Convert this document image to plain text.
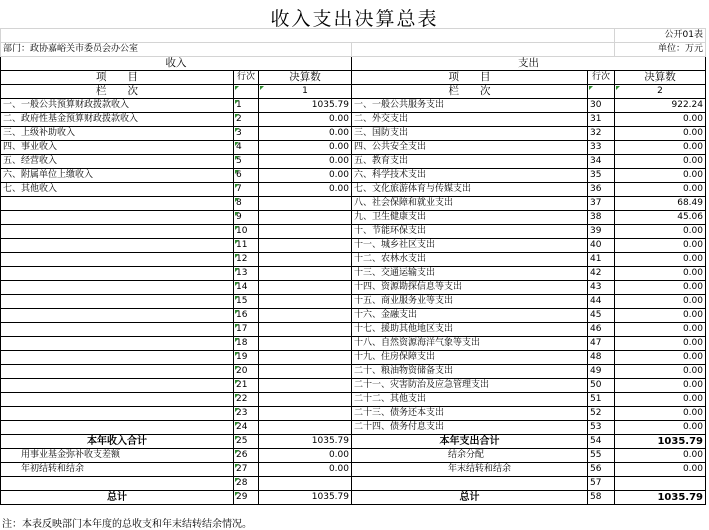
收入支出决算总表
					公开01表
部门：政协嘉峪关市委员会办公室					单位：万元
收入			支出		
项　　目	行次	决算数	项　　目	行次	决算数
栏　　次		1	栏　　次		2
一、一般公共预算财政拨款收入	1	1035.79	一、一般公共服务支出	30	922.24
二、政府性基金预算财政拨款收入	2	0.00	二、外交支出	31	0.00
三、上级补助收入	3	0.00	三、国防支出	32	0.00
四、事业收入	4	0.00	四、公共安全支出	33	0.00
五、经营收入	5	0.00	五、教育支出	34	0.00
六、附属单位上缴收入	6	0.00	六、科学技术支出	35	0.00
七、其他收入	7	0.00	七、文化旅游体育与传媒支出	36	0.00
	8		八、社会保障和就业支出	37	68.49
	9		九、卫生健康支出	38	45.06
	10		十、节能环保支出	39	0.00
	11		十一、城乡社区支出	40	0.00
	12		十二、农林水支出	41	0.00
	13		十三、交通运输支出	42	0.00
	14		十四、资源勘探信息等支出	43	0.00
	15		十五、商业服务业等支出	44	0.00
	16		十六、金融支出	45	0.00
	17		十七、援助其他地区支出	46	0.00
	18		十八、自然资源海洋气象等支出	47	0.00
	19		十九、住房保障支出	48	0.00
	20		二十、粮油物资储备支出	49	0.00
	21		二十一、灾害防治及应急管理支出	50	0.00
	22		二十二、其他支出	51	0.00
	23		二十三、债务还本支出	52	0.00
	24		二十四、债务付息支出	53	0.00
本年收入合计	25	1035.79	本年支出合计	54	1035.79
用事业基金弥补收支差额	26	0.00	结余分配	55	0.00
年初结转和结余	27	0.00	年末结转和结余	56	0.00
	28			57	
总计	29	1035.79	总计	58	1035.79
注：本表反映部门本年度的总收支和年末结转结余情况。
